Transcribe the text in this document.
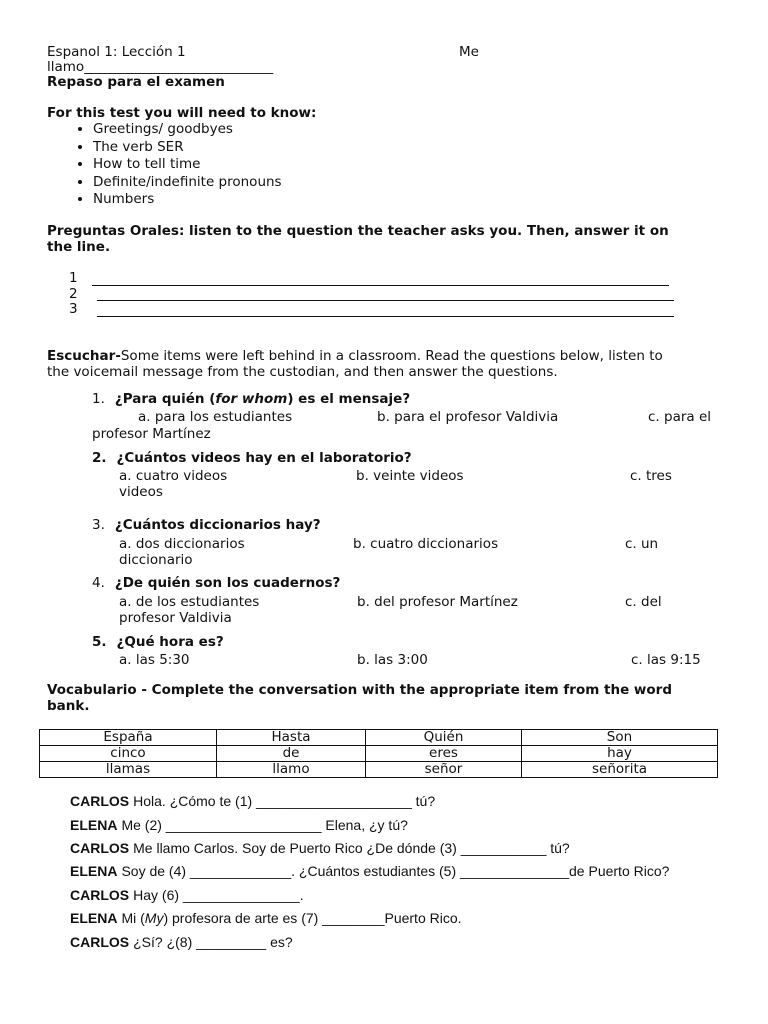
Espanol 1: Lección 1	Me
llamo____________________________
Repaso para el examen
For this test you will need to know:
• Greetings/ goodbyes
• The verb SER
• How to tell time
• Definite/indefinite pronouns
• Numbers
Preguntas Orales: listen to the question the teacher asks you. Then, answer it on
the line.
1
2
3
Escuchar-Some items were left behind in a classroom. Read the questions below, listen to
the voicemail message from the custodian, and then answer the questions.
1. ¿Para quién (for whom) es el mensaje?
a. para los estudiantes	b. para el profesor Valdivia	c. para el
profesor Martínez
2. ¿Cuántos videos hay en el laboratorio?
a. cuatro videos	b. veinte videos	c. tres
videos
3. ¿Cuántos diccionarios hay?
a. dos diccionarios	b. cuatro diccionarios	c. un
diccionario
4. ¿De quién son los cuadernos?
a. de los estudiantes	b. del profesor Martínez	c. del
profesor Valdivia
5. ¿Qué hora es?
a. las 5:30	b. las 3:00	c. las 9:15
Vocabulario - Complete the conversation with the appropriate item from the word
bank.
España	Hasta	Quién	Son
cinco	de	eres	hay
llamas	llamo	señor	señorita
CARLOS Hola. ¿Cómo te (1) ____________________ tú?
ELENA Me (2) ____________________ Elena, ¿y tú?
CARLOS Me llamo Carlos. Soy de Puerto Rico ¿De dónde (3) ___________ tú?
ELENA Soy de (4) _____________. ¿Cuántos estudiantes (5) ______________de Puerto Rico?
CARLOS Hay (6) _______________.
ELENA Mi (My) profesora de arte es (7) ________Puerto Rico.
CARLOS ¿Sí? ¿(8) _________ es?
